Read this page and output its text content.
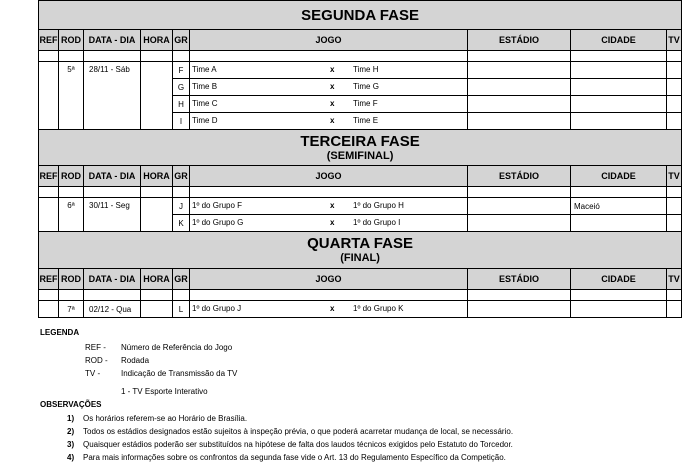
SEGUNDA FASE								

REF	ROD	DATA - DIA	HORA	GR	JOGO	ESTÁDIO	CIDADE	TV

	5ª	28/11 - Sáb		F	Time A x Time H			

				G	Time B x Time G			

				H	Time C x Time F			

				I	Time D x Time E			

TERCEIRA FASE
(SEMIFINAL)								

REF	ROD	DATA - DIA	HORA	GR	JOGO	ESTÁDIO	CIDADE	TV

	6ª	30/11 - Seg		J	1º do Grupo F x 1º do Grupo H		Maceió	
				K	1º do Grupo G x 1º do Grupo I			

QUARTA FASE
(FINAL)								

REF	ROD	DATA - DIA	HORA	GR	JOGO	ESTÁDIO	CIDADE	TV

	7ª	02/12 - Qua		L	1º do Grupo J x 1º do Grupo K			

LEGENDA
REF - Número de Referência do Jogo
ROD - Rodada
TV -	Indicação de Transmissão da TV
1 - TV Esporte Interativo
OBSERVAÇÕES
1) Os horários referem-se ao Horário de Brasília.
2) Todos os estádios designados estão sujeitos à inspeção prévia, o que poderá acarretar mudança de local, se necessário.
3) Quaisquer estádios poderão ser substituídos na hipótese de falta dos laudos técnicos exigidos pelo Estatuto do Torcedor.
4) Para mais informações sobre os confrontos da segunda fase vide o Art. 13 do Regulamento Específico da Competição.
